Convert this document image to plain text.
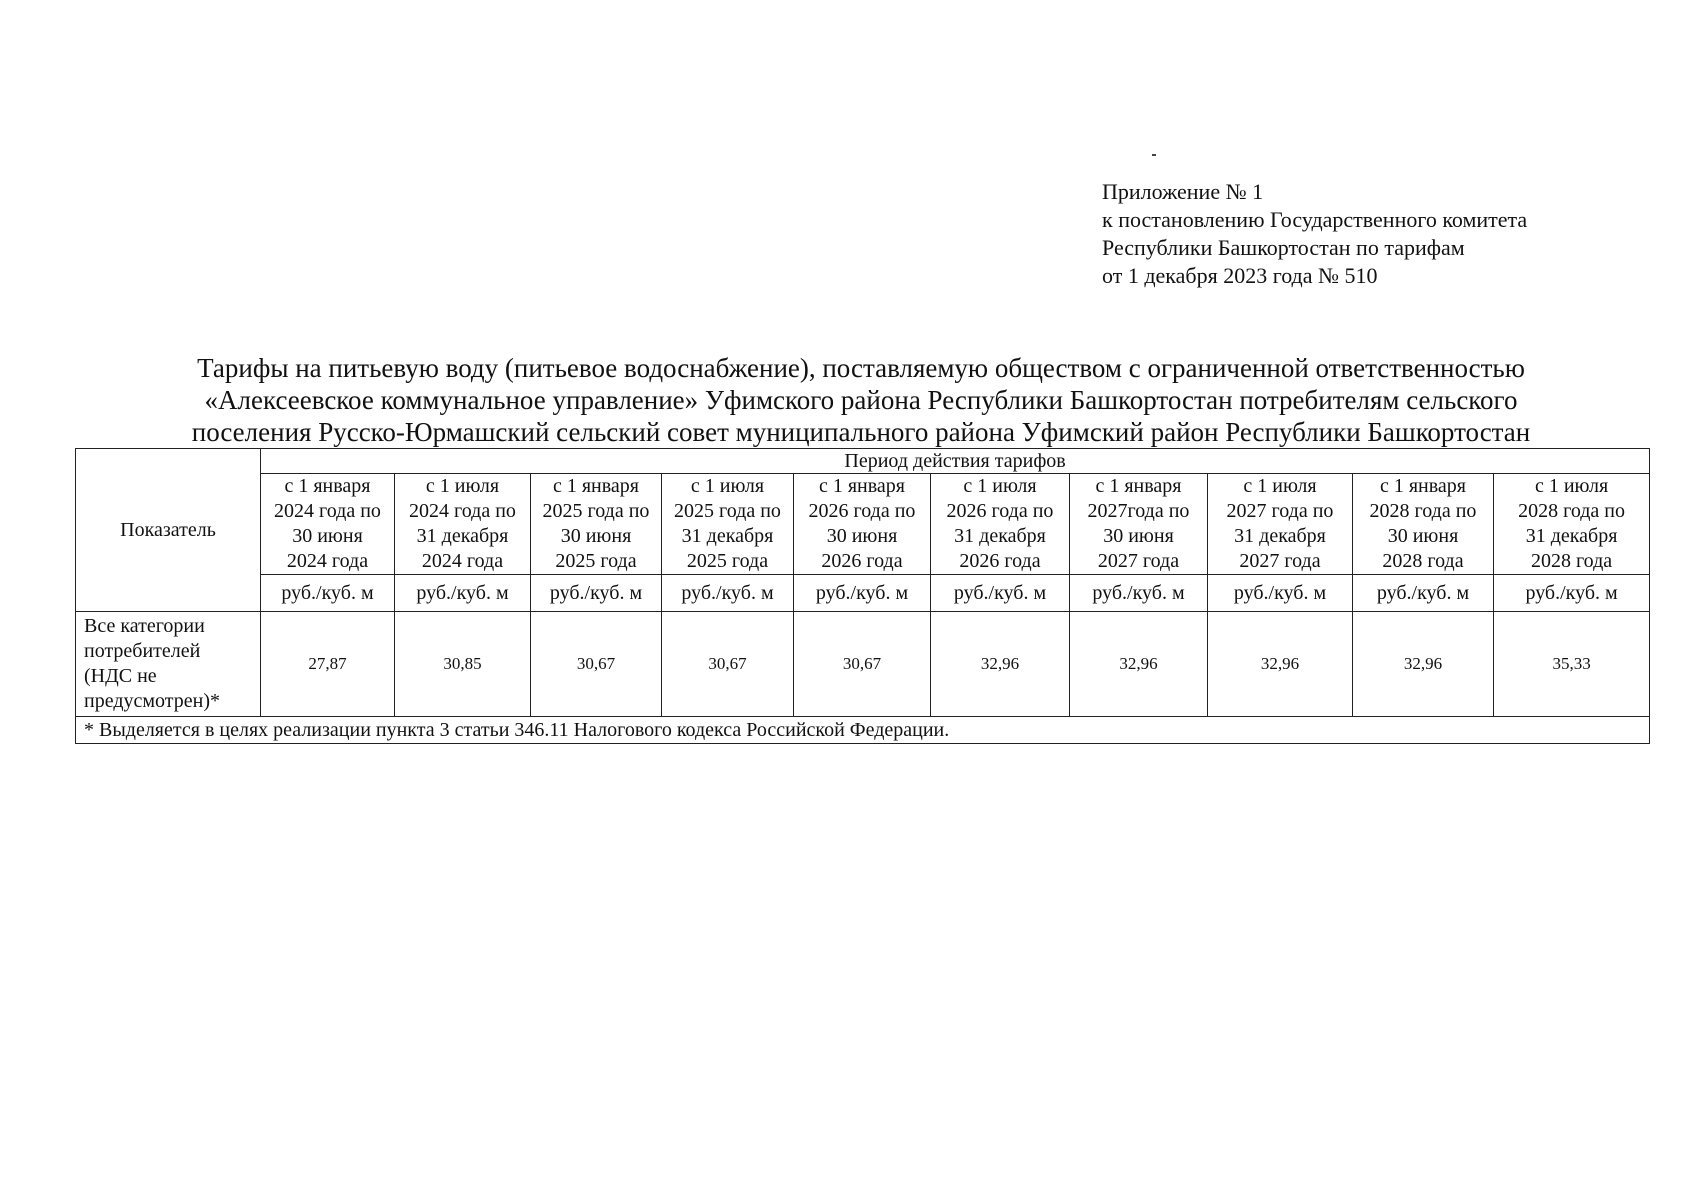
Приложение № 1
к постановлению Государственного комитета
Республики Башкортостан по тарифам
от 1 декабря 2023 года № 510
Тарифы на питьевую воду (питьевое водоснабжение), поставляемую обществом с ограниченной ответственностью
«Алексеевское коммунальное управление» Уфимского района Республики Башкортостан потребителям сельского
поселения Русско-Юрмашский сельский совет муниципального района Уфимский район Республики Башкортостан
Показатель	Период действия тарифов									

	с 1 января
2024 года по
30 июня
2024 года	с 1 июля
2024 года по
31 декабря
2024 года	с 1 января
2025 года по
30 июня
2025 года	с 1 июля
2025 года по
31 декабря
2025 года	с 1 января
2026 года по
30 июня
2026 года	с 1 июля
2026 года по
31 декабря
2026 года	с 1 января
2027года по
30 июня
2027 года	с 1 июля
2027 года по
31 декабря
2027 года	с 1 января
2028 года по
30 июня
2028 года	с 1 июля
2028 года по
31 декабря
2028 года

	руб./куб. м	руб./куб. м	руб./куб. м	руб./куб. м	руб./куб. м	руб./куб. м	руб./куб. м	руб./куб. м	руб./куб. м	руб./куб. м

Все категории
потребителей
(НДС не
предусмотрен)*	27,87	30,85	30,67	30,67	30,67	32,96	32,96	32,96	32,96	35,33
* Выделяется в целях реализации пункта 3 статьи 346.11 Налогового кодекса Российской Федерации.										
